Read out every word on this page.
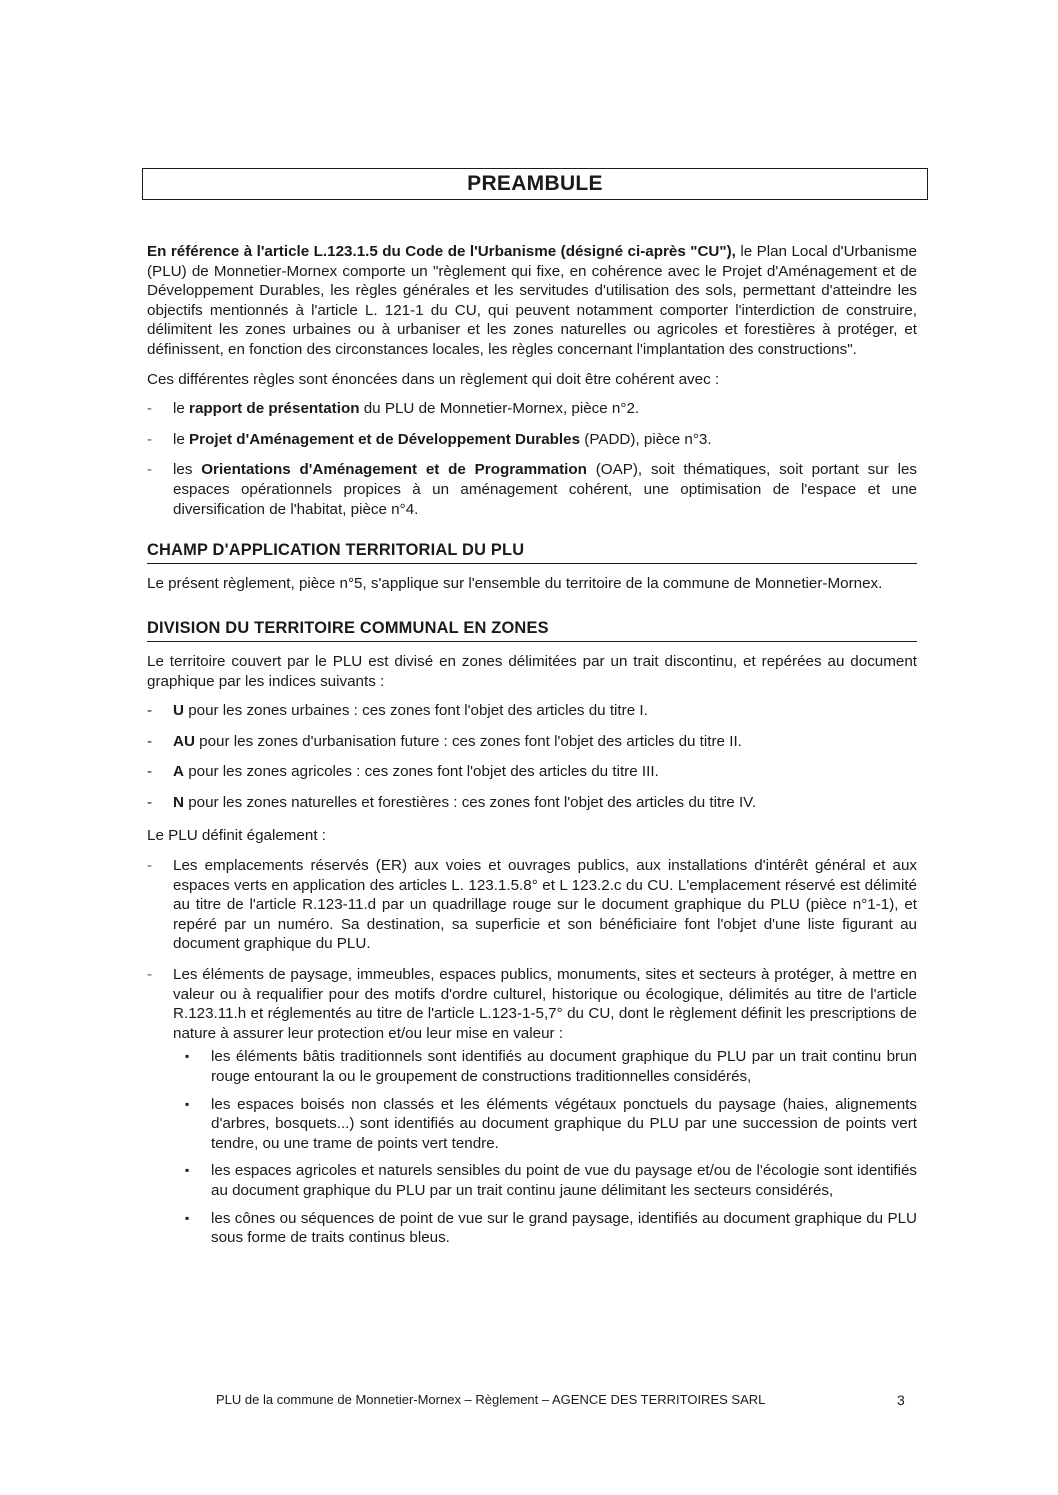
PREAMBULE

En référence à l'article L.123.1.5 du Code de l'Urbanisme (désigné ci-après "CU"), le Plan Local d'Urbanisme (PLU) de Monnetier-Mornex comporte un "règlement qui fixe, en cohérence avec le Projet d'Aménagement et de Développement Durables, les règles générales et les servitudes d'utilisation des sols, permettant d'atteindre les objectifs mentionnés à l'article L. 121-1 du CU, qui peuvent notamment comporter l'interdiction de construire, délimitent les zones urbaines ou à urbaniser et les zones naturelles ou agricoles et forestières à protéger, et définissent, en fonction des circonstances locales, les règles concernant l'implantation des constructions".

Ces différentes règles sont énoncées dans un règlement qui doit être cohérent avec :

- le rapport de présentation du PLU de Monnetier-Mornex, pièce n°2.
- le Projet d'Aménagement et de Développement Durables (PADD), pièce n°3.
- les Orientations d'Aménagement et de Programmation (OAP), soit thématiques, soit portant sur les espaces opérationnels propices à un aménagement cohérent, une optimisation de l'espace et une diversification de l'habitat, pièce n°4.
CHAMP D'APPLICATION TERRITORIAL DU PLU

Le présent règlement, pièce n°5, s'applique sur l'ensemble du territoire de la commune de Monnetier-Mornex.

DIVISION DU TERRITOIRE COMMUNAL EN ZONES

Le territoire couvert par le PLU est divisé en zones délimitées par un trait discontinu, et repérées au document graphique par les indices suivants :

- U pour les zones urbaines : ces zones font l'objet des articles du titre I.
- AU pour les zones d'urbanisation future : ces zones font l'objet des articles du titre II.
- A pour les zones agricoles : ces zones font l'objet des articles du titre III.
- N pour les zones naturelles et forestières : ces zones font l'objet des articles du titre IV.

Le PLU définit également :

- Les emplacements réservés (ER) aux voies et ouvrages publics, aux installations d'intérêt général et aux espaces verts en application des articles L. 123.1.5.8° et L 123.2.c du CU. L'emplacement réservé est délimité au titre de l'article R.123-11.d par un quadrillage rouge sur le document graphique du PLU (pièce n°1-1), et repéré par un numéro. Sa destination, sa superficie et son bénéficiaire font l'objet d'une liste figurant au document graphique du PLU.
- Les éléments de paysage, immeubles, espaces publics, monuments, sites et secteurs à protéger, à mettre en valeur ou à requalifier pour des motifs d'ordre culturel, historique ou écologique, délimités au titre de l'article R.123.11.h et réglementés au titre de l'article L.123-1-5,7° du CU, dont le règlement définit les prescriptions de nature à assurer leur protection et/ou leur mise en valeur :
▪ les éléments bâtis traditionnels sont identifiés au document graphique du PLU par un trait continu brun rouge entourant la ou le groupement de constructions traditionnelles considérés,
▪ les espaces boisés non classés et les éléments végétaux ponctuels du paysage (haies, alignements d'arbres, bosquets...) sont identifiés au document graphique du PLU par une succession de points vert tendre, ou une trame de points vert tendre.
▪ les espaces agricoles et naturels sensibles du point de vue du paysage et/ou de l'écologie sont identifiés au document graphique du PLU par un trait continu jaune délimitant les secteurs considérés,
▪ les cônes ou séquences de point de vue sur le grand paysage, identifiés au document graphique du PLU sous forme de traits continus bleus.
PLU de la commune de Monnetier-Mornex – Règlement – AGENCE DES TERRITOIRES SARL	3
